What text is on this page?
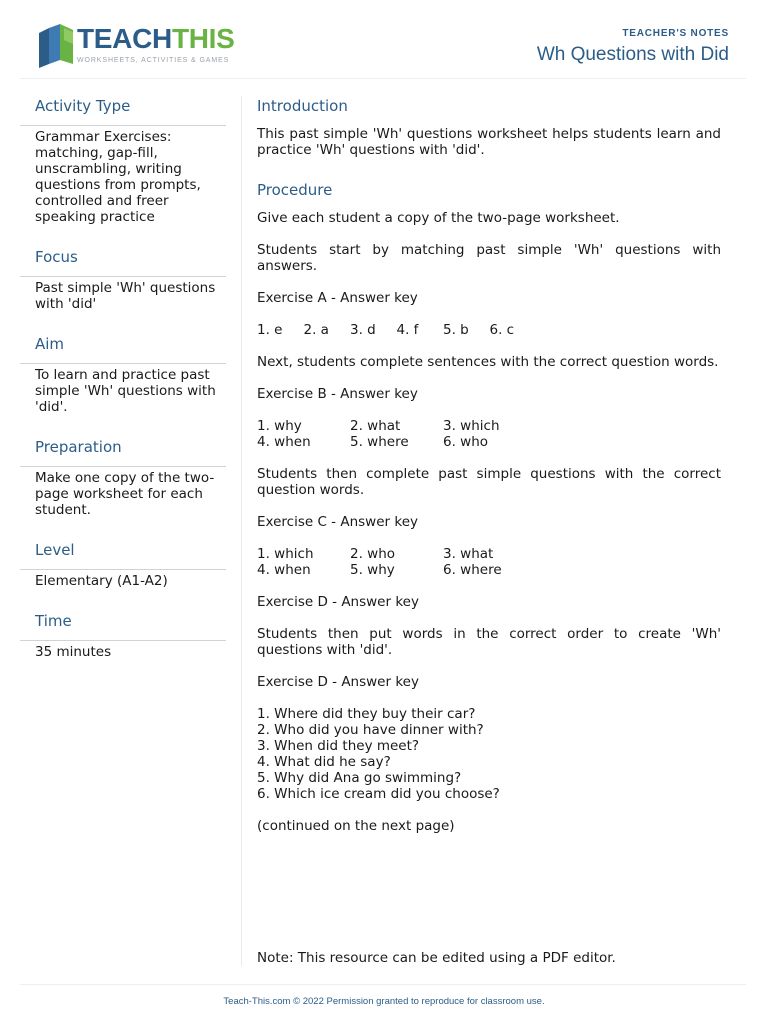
TEACHTHIS
WORKSHEETS, ACTIVITIES & GAMES
TEACHER'S NOTES
Wh Questions with Did
Activity Type
Grammar Exercises: matching, gap-fill, unscrambling, writing questions from prompts, controlled and freer speaking practice
Focus
Past simple 'Wh' questions with 'did'
Aim
To learn and practice past simple 'Wh' questions with 'did'.
Preparation
Make one copy of the two-page worksheet for each student.
Level
Elementary (A1-A2)
Time
35 minutes
Introduction

This past simple 'Wh' questions worksheet helps students learn and practice 'Wh' questions with 'did'.

Procedure

Give each student a copy of the two-page worksheet.

Students start by matching past simple 'Wh' questions with answers.

Exercise A - Answer key

1. e	2. a	3. d	4. f	5. b	6. c

Next, students complete sentences with the correct question words.

Exercise B - Answer key

1. why	2. what	3. which
4. when	5. where	6. who

Students then complete past simple questions with the correct question words.

Exercise C - Answer key

1. which	2. who	3. what
4. when	5. why	6. where

Exercise D - Answer key

Students then put words in the correct order to create 'Wh' questions with 'did'.

Exercise D - Answer key

1. Where did they buy their car?
2. Who did you have dinner with?
3. When did they meet?
4. What did he say?
5. Why did Ana go swimming?
6. Which ice cream did you choose?

(continued on the next page)

Note: This resource can be edited using a PDF editor.
Teach-This.com © 2022 Permission granted to reproduce for classroom use.
